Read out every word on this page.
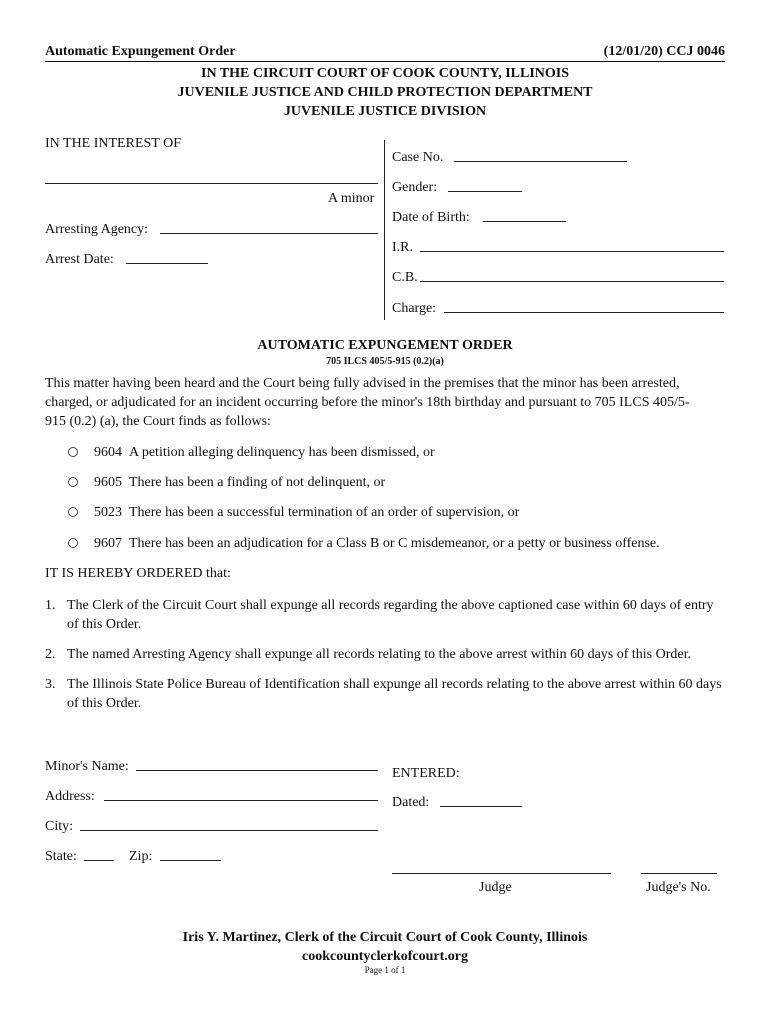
Automatic Expungement Order	(12/01/20) CCJ 0046
IN THE CIRCUIT COURT OF COOK COUNTY, ILLINOIS
JUVENILE JUSTICE AND CHILD PROTECTION DEPARTMENT
JUVENILE JUSTICE DIVISION
IN THE INTEREST OF
A minor
Arresting Agency:
Arrest Date:
Case No.
Gender:
Date of Birth:
I.R.
C.B.
Charge:
AUTOMATIC EXPUNGEMENT ORDER
705 ILCS 405/5-915 (0.2)(a)
This matter having been heard and the Court being fully advised in the premises that the minor has been arrested,
charged, or adjudicated for an incident occurring before the minor's 18th birthday and pursuant to 705 ILCS 405/5-
915 (0.2) (a), the Court finds as follows:
9604 A petition alleging delinquency has been dismissed, or
9605 There has been a finding of not delinquent, or
5023 There has been a successful termination of an order of supervision, or
9607 There has been an adjudication for a Class B or C misdemeanor, or a petty or business offense.
IT IS HEREBY ORDERED that:
1. The Clerk of the Circuit Court shall expunge all records regarding the above captioned case within 60 days of entry of this Order.
2. The named Arresting Agency shall expunge all records relating to the above arrest within 60 days of this Order.
3. The Illinois State Police Bureau of Identification shall expunge all records relating to the above arrest within 60 days of this Order.
Minor's Name:
Address:
City:
State:	Zip:
ENTERED:
Dated:
Judge	Judge's No.
Iris Y. Martinez, Clerk of the Circuit Court of Cook County, Illinois
cookcountyclerkofcourt.org
Page 1 of 1
